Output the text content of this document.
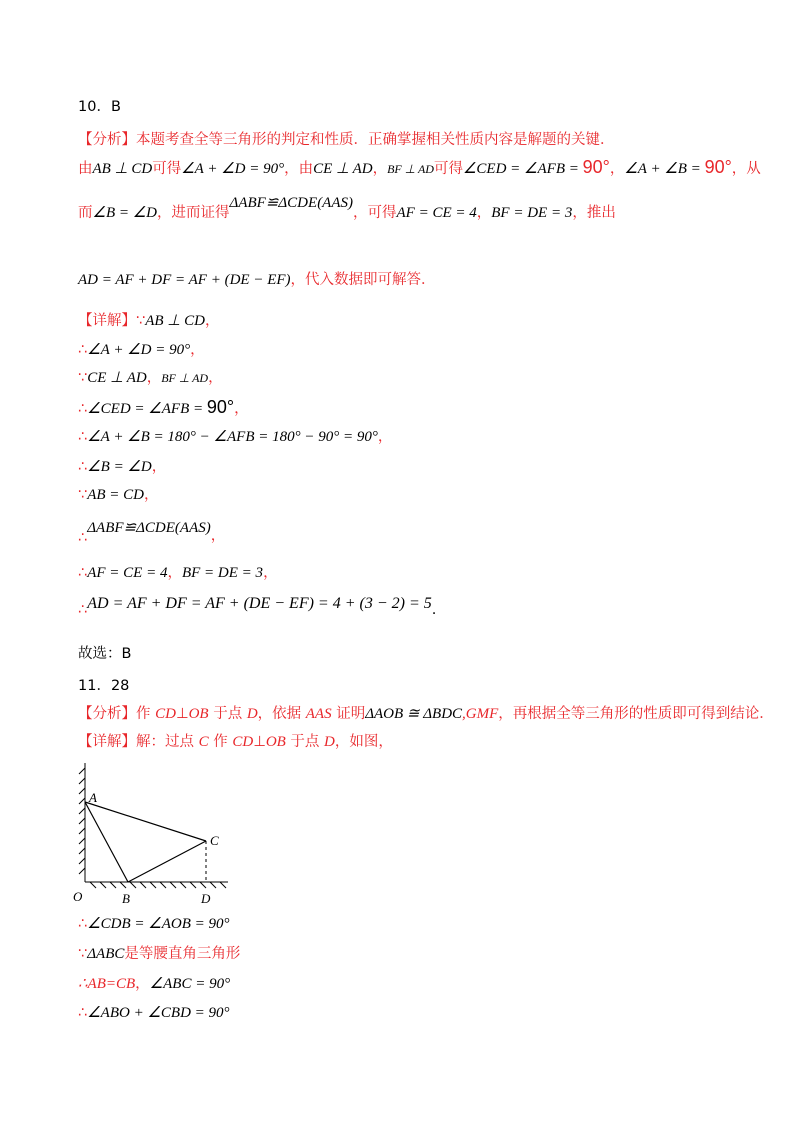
10．B
【分析】本题考查全等三角形的判定和性质．正确掌握相关性质内容是解题的关键．
由AB ⊥ CD可得∠A + ∠D = 90°，由CE ⊥ AD，BF ⊥ AD可得∠CED = ∠AFB = 90°，∠A + ∠B = 90°，从
而∠B = ∠D，进而证得ΔABF≌ΔCDE(AAS)，可得AF = CE = 4，BF = DE = 3，推出
AD = AF + DF = AF + (DE − EF)，代入数据即可解答．
【详解】∵AB ⊥ CD，
∴∠A + ∠D = 90°，
∵CE ⊥ AD，BF ⊥ AD，
∴∠CED = ∠AFB = 90°，
∴∠A + ∠B = 180° − ∠AFB = 180° − 90° = 90°，
∴∠B = ∠D，
∵AB = CD，
∴ΔABF≌ΔCDE(AAS)，
∴AF = CE = 4，BF = DE = 3，
∴AD = AF + DF = AF + (DE − EF) = 4 + (3 − 2) = 5.
故选：B
11．28
【分析】作 CD⊥OB 于点 D，依据 AAS 证明ΔAOB ≅ ΔBDC,GMF，再根据全等三角形的性质即可得到结论．
【详解】解：过点 C 作 CD⊥OB 于点 D，如图，
A
C
O	B	D
∴∠CDB = ∠AOB = 90°
∵ΔABC是等腰直角三角形
∴AB=CB，∠ABC = 90°
∴∠ABO + ∠CBD = 90°
